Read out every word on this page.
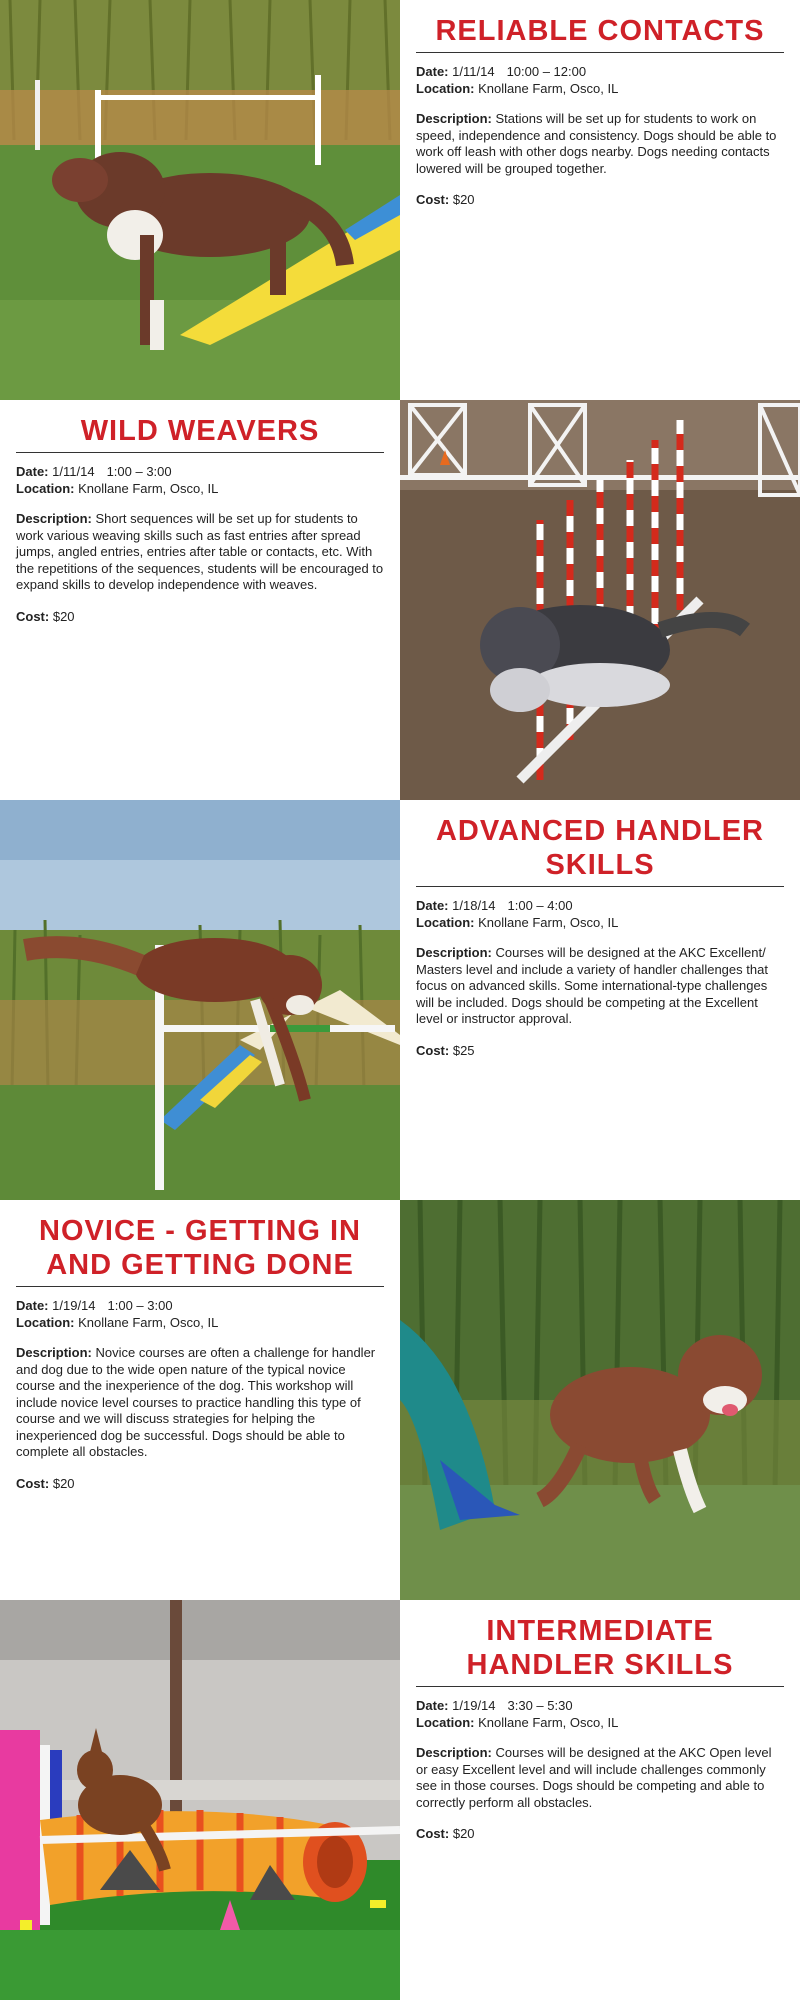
RELIABLE CONTACTS
Date: 1/11/14 10:00 – 12:00
Location: Knollane Farm, Osco, IL
Description: Stations will be set up for students to work on speed, independence and consistency. Dogs should be able to work off leash with other dogs nearby. Dogs needing contacts lowered will be grouped together.
Cost: $20
WILD WEAVERS
Date: 1/11/14 1:00 – 3:00
Location: Knollane Farm, Osco, IL
Description: Short sequences will be set up for students to work various weaving skills such as fast entries after spread jumps, angled entries, entries after table or contacts, etc. With the repetitions of the sequences, students will be encouraged to expand skills to develop independence with weaves.
Cost: $20
ADVANCED HANDLER SKILLS
Date: 1/18/14 1:00 – 4:00
Location: Knollane Farm, Osco, IL
Description: Courses will be designed at the AKC Excellent/ Masters level and include a variety of handler challenges that focus on advanced skills. Some international-type challenges will be included. Dogs should be competing at the Excellent level or instructor approval.
Cost: $25
NOVICE - GETTING IN AND GETTING DONE
Date: 1/19/14 1:00 – 3:00
Location: Knollane Farm, Osco, IL
Description: Novice courses are often a challenge for handler and dog due to the wide open nature of the typical novice course and the inexperience of the dog. This workshop will include novice level courses to practice handling this type of course and we will discuss strategies for helping the inexperienced dog be successful. Dogs should be able to complete all obstacles.
Cost: $20
INTERMEDIATE HANDLER SKILLS
Date: 1/19/14 3:30 – 5:30
Location: Knollane Farm, Osco, IL
Description: Courses will be designed at the AKC Open level or easy Excellent level and will include challenges commonly see in those courses. Dogs should be competing and able to correctly perform all obstacles.
Cost: $20
